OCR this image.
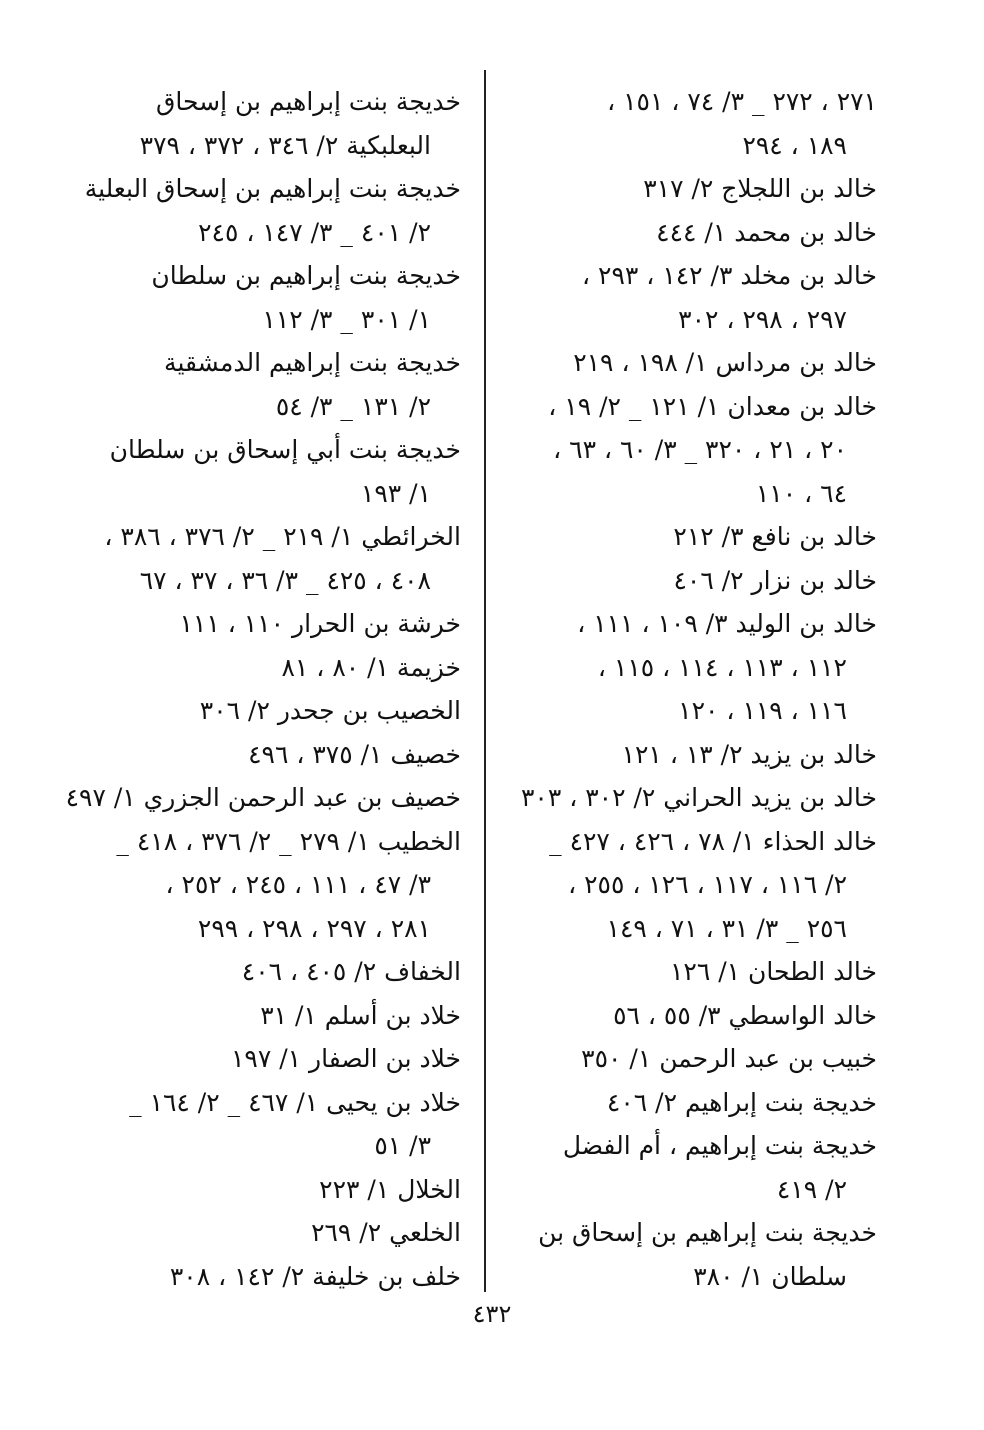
٢٧١ ، ٢٧٢ _ ٣/ ٧٤ ، ١٥١ ،
١٨٩ ، ٢٩٤
خالد بن اللجلاج ٢/ ٣١٧
خالد بن محمد ١/ ٤٤٤
خالد بن مخلد ٣/ ١٤٢ ، ٢٩٣ ،
٢٩٧ ، ٢٩٨ ، ٣٠٢
خالد بن مرداس ١/ ١٩٨ ، ٢١٩
خالد بن معدان ١/ ١٢١ _ ٢/ ١٩ ،
٢٠ ، ٢١ ، ٣٢٠ _ ٣/ ٦٠ ، ٦٣ ،
٦٤ ، ١١٠
خالد بن نافع ٣/ ٢١٢
خالد بن نزار ٢/ ٤٠٦
خالد بن الوليد ٣/ ١٠٩ ، ١١١ ،
١١٢ ، ١١٣ ، ١١٤ ، ١١٥ ،
١١٦ ، ١١٩ ، ١٢٠
خالد بن يزيد ٢/ ١٣ ، ١٢١
خالد بن يزيد الحراني ٢/ ٣٠٢ ، ٣٠٣
خالد الحذاء ١/ ٧٨ ، ٤٢٦ ، ٤٢٧ _
٢/ ١١٦ ، ١١٧ ، ١٢٦ ، ٢٥٥ ،
٢٥٦ _ ٣/ ٣١ ، ٧١ ، ١٤٩
خالد الطحان ١/ ١٢٦
خالد الواسطي ٣/ ٥٥ ، ٥٦
خبيب بن عبد الرحمن ١/ ٣٥٠
خديجة بنت إبراهيم ٢/ ٤٠٦
خديجة بنت إبراهيم ، أم الفضل
٢/ ٤١٩
خديجة بنت إبراهيم بن إسحاق بن
سلطان ١/ ٣٨٠
خديجة بنت إبراهيم بن إسحاق
البعلبكية ٢/ ٣٤٦ ، ٣٧٢ ، ٣٧٩
خديجة بنت إبراهيم بن إسحاق البعلية
٢/ ٤٠١ _ ٣/ ١٤٧ ، ٢٤٥
خديجة بنت إبراهيم بن سلطان
١/ ٣٠١ _ ٣/ ١١٢
خديجة بنت إبراهيم الدمشقية
٢/ ١٣١ _ ٣/ ٥٤
خديجة بنت أبي إسحاق بن سلطان
١/ ١٩٣
الخرائطي ١/ ٢١٩ _ ٢/ ٣٧٦ ، ٣٨٦ ،
٤٠٨ ، ٤٢٥ _ ٣/ ٣٦ ، ٣٧ ، ٦٧
خرشة بن الحرار ١١٠ ، ١١١
خزيمة ١/ ٨٠ ، ٨١
الخصيب بن جحدر ٢/ ٣٠٦
خصيف ١/ ٣٧٥ ، ٤٩٦
خصيف بن عبد الرحمن الجزري ١/ ٤٩٧
الخطيب ١/ ٢٧٩ _ ٢/ ٣٧٦ ، ٤١٨ _
٣/ ٤٧ ، ١١١ ، ٢٤٥ ، ٢٥٢ ،
٢٨١ ، ٢٩٧ ، ٢٩٨ ، ٢٩٩
الخفاف ٢/ ٤٠٥ ، ٤٠٦
خلاد بن أسلم ١/ ٣١
خلاد بن الصفار ١/ ١٩٧
خلاد بن يحيى ١/ ٤٦٧ _ ٢/ ١٦٤ _
٣/ ٥١
الخلال ١/ ٢٢٣
الخلعي ٢/ ٢٦٩
خلف بن خليفة ٢/ ١٤٢ ، ٣٠٨
٤٣٢
